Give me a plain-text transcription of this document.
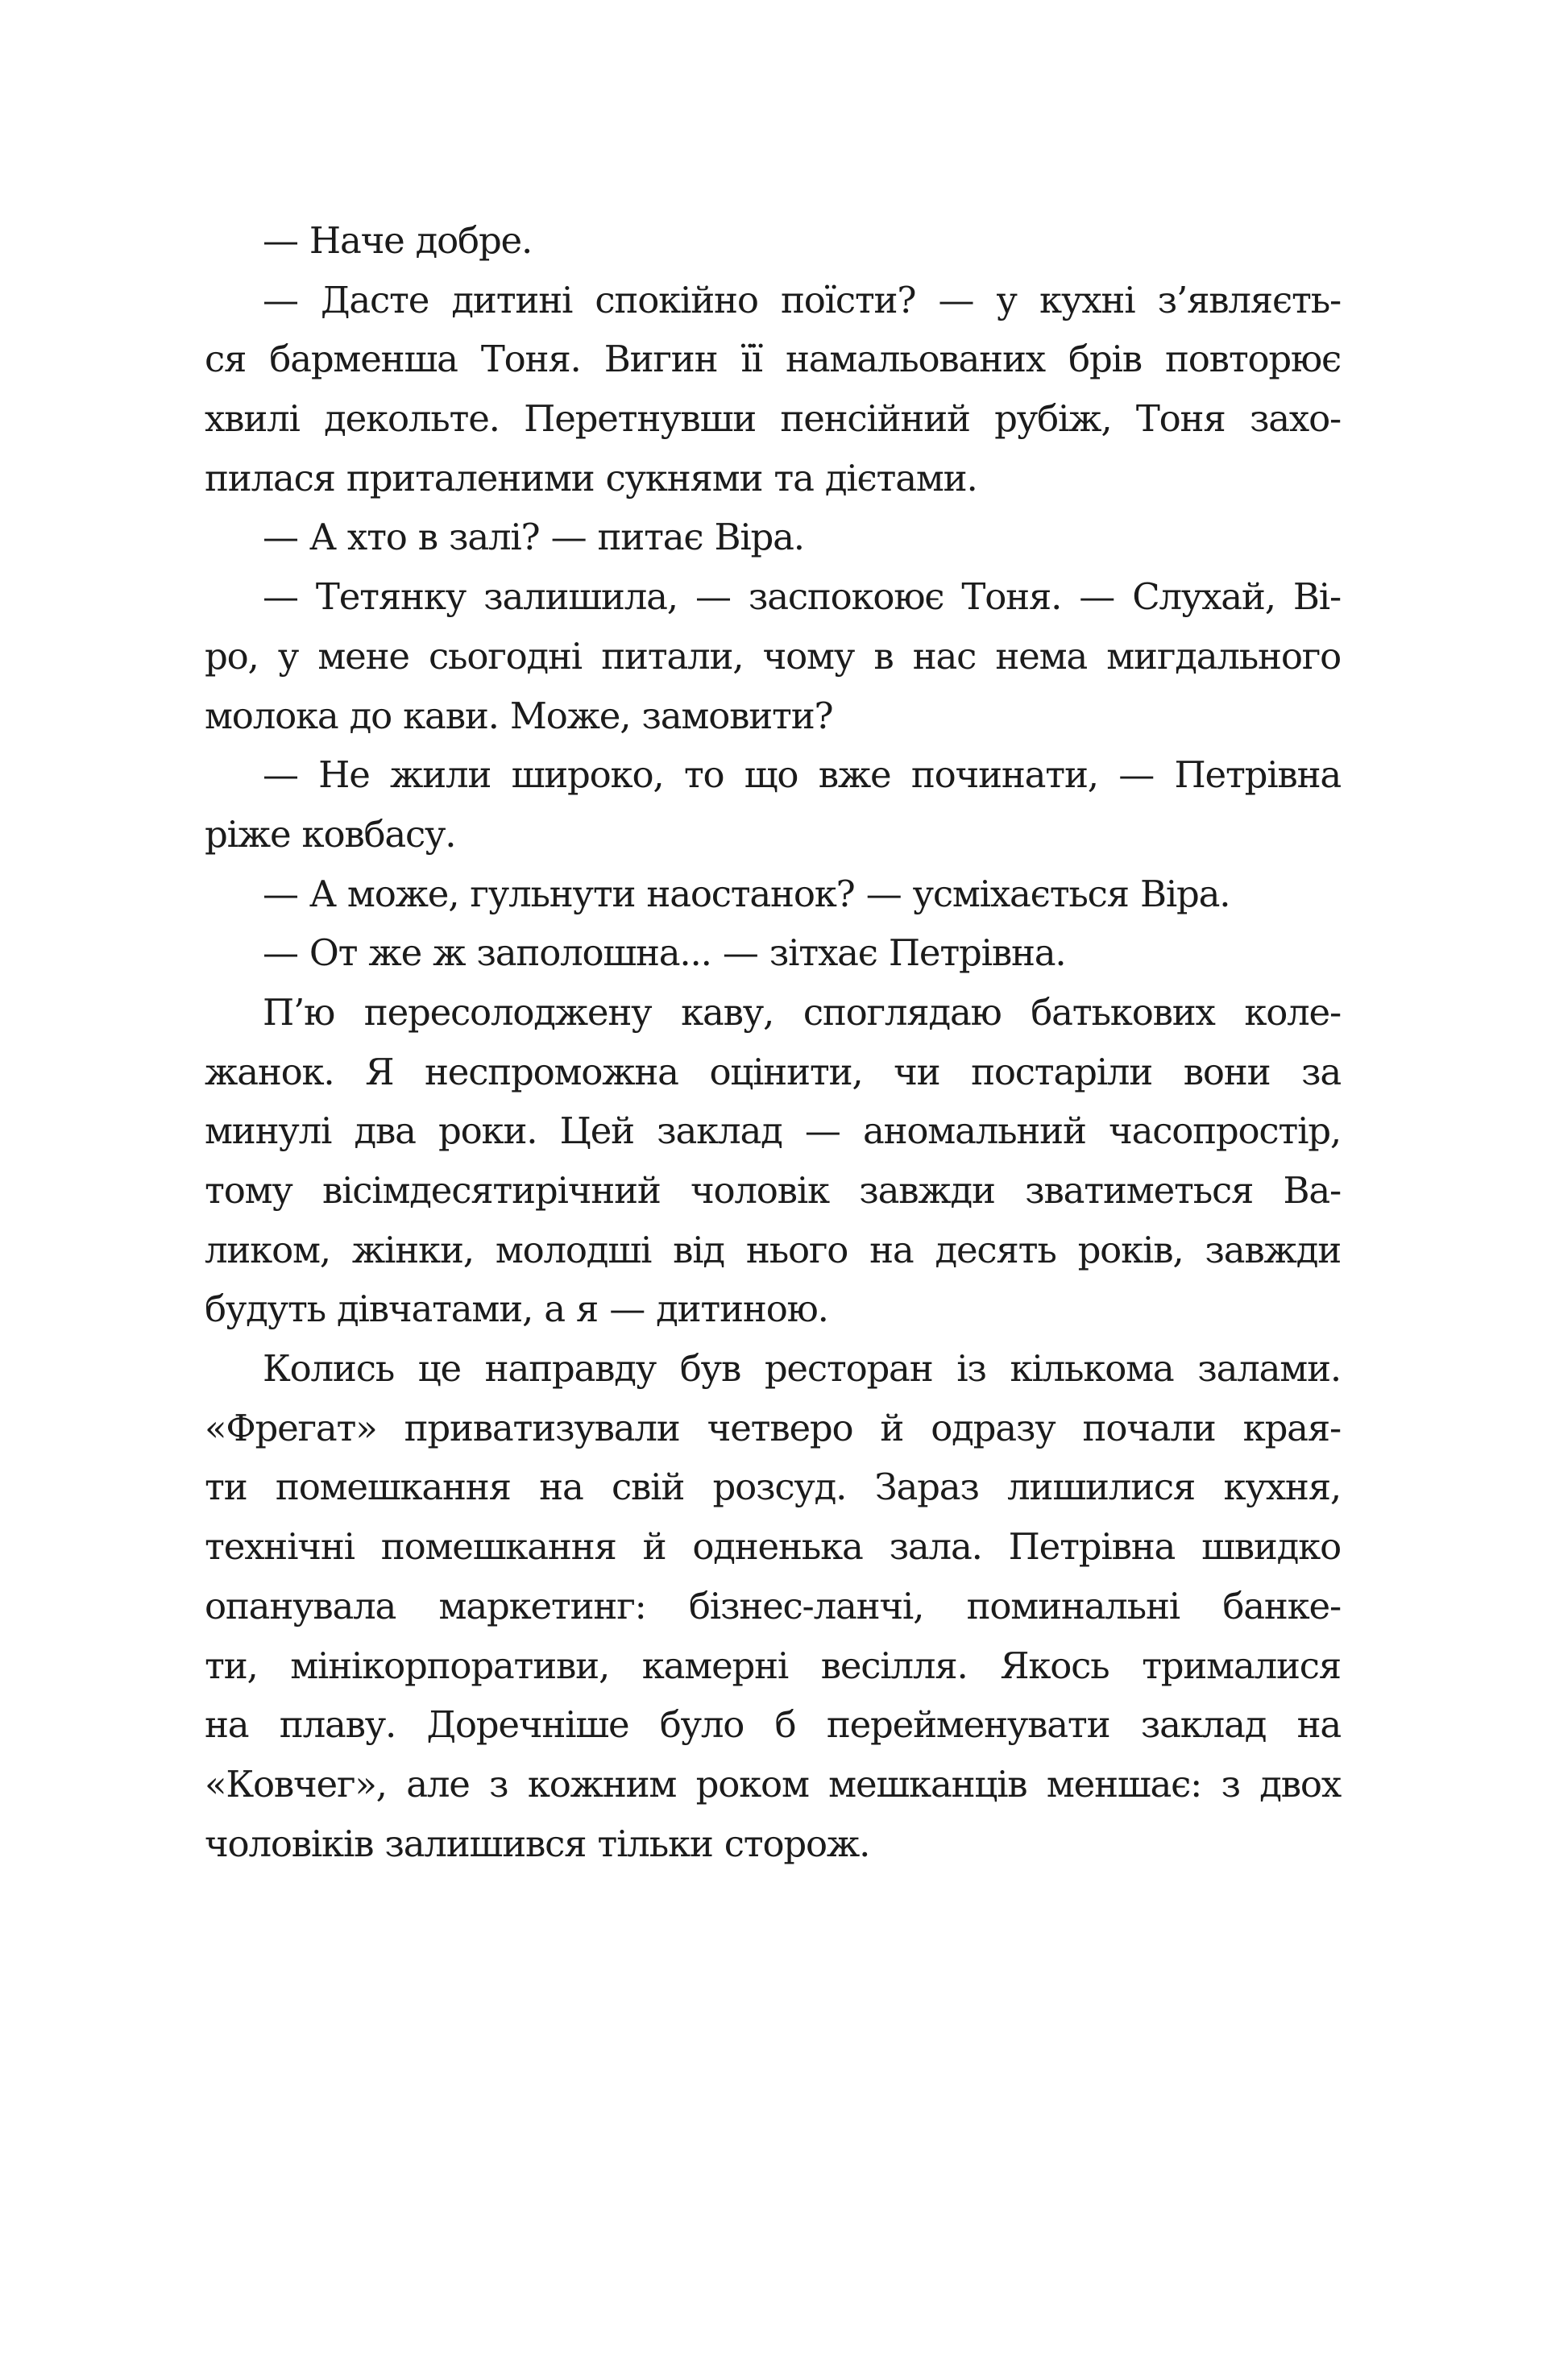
— Наче добре.
— Даcте дитині спокійно поїсти? — у кухні з’являєть-
ся барменша Тоня. Вигин її намальованих брів повторює
хвилі декольте. Перетнувши пенсійний рубіж, Тоня захо-
пилася приталеними сукнями та дієтами.
— А хто в залі? — питає Віра.
— Тетянку залишила, — заспокоює Тоня. — Слухай, Ві-
ро, у мене сьогодні питали, чому в нас нема мигдального
молока до кави. Може, замовити?
— Не жили широко, то що вже починати, — Петрівна
ріже ковбасу.
— А може, гульнути наостанок? — усміхається Віра.
— От же ж заполошна... — зітхає Петрівна.
П’ю пересолоджену каву, споглядаю батькових коле-
жанок. Я неспроможна оцінити, чи постаріли вони за
минулі два роки. Цей заклад — аномальний часопростір,
тому вісімдесятирічний чоловік завжди зватиметься Ва-
ликом, жінки, молодші від нього на десять років, завжди
будуть дівчатами, а я — дитиною.
Колись це направду був ресторан із кількома залами.
«Фрегат» приватизували четверо й одразу почали края-
ти помешкання на свій розсуд. Зараз лишилися кухня,
технічні помешкання й одненька зала. Петрівна швидко
опанувала маркетинг: бізнес-ланчі, поминальні банке-
ти, мінікорпоративи, камерні весілля. Якось трималися
на плаву. Доречніше було б перейменувати заклад на
«Ковчег», але з кожним роком мешканців меншає: з двох
чоловіків залишився тільки сторож.
